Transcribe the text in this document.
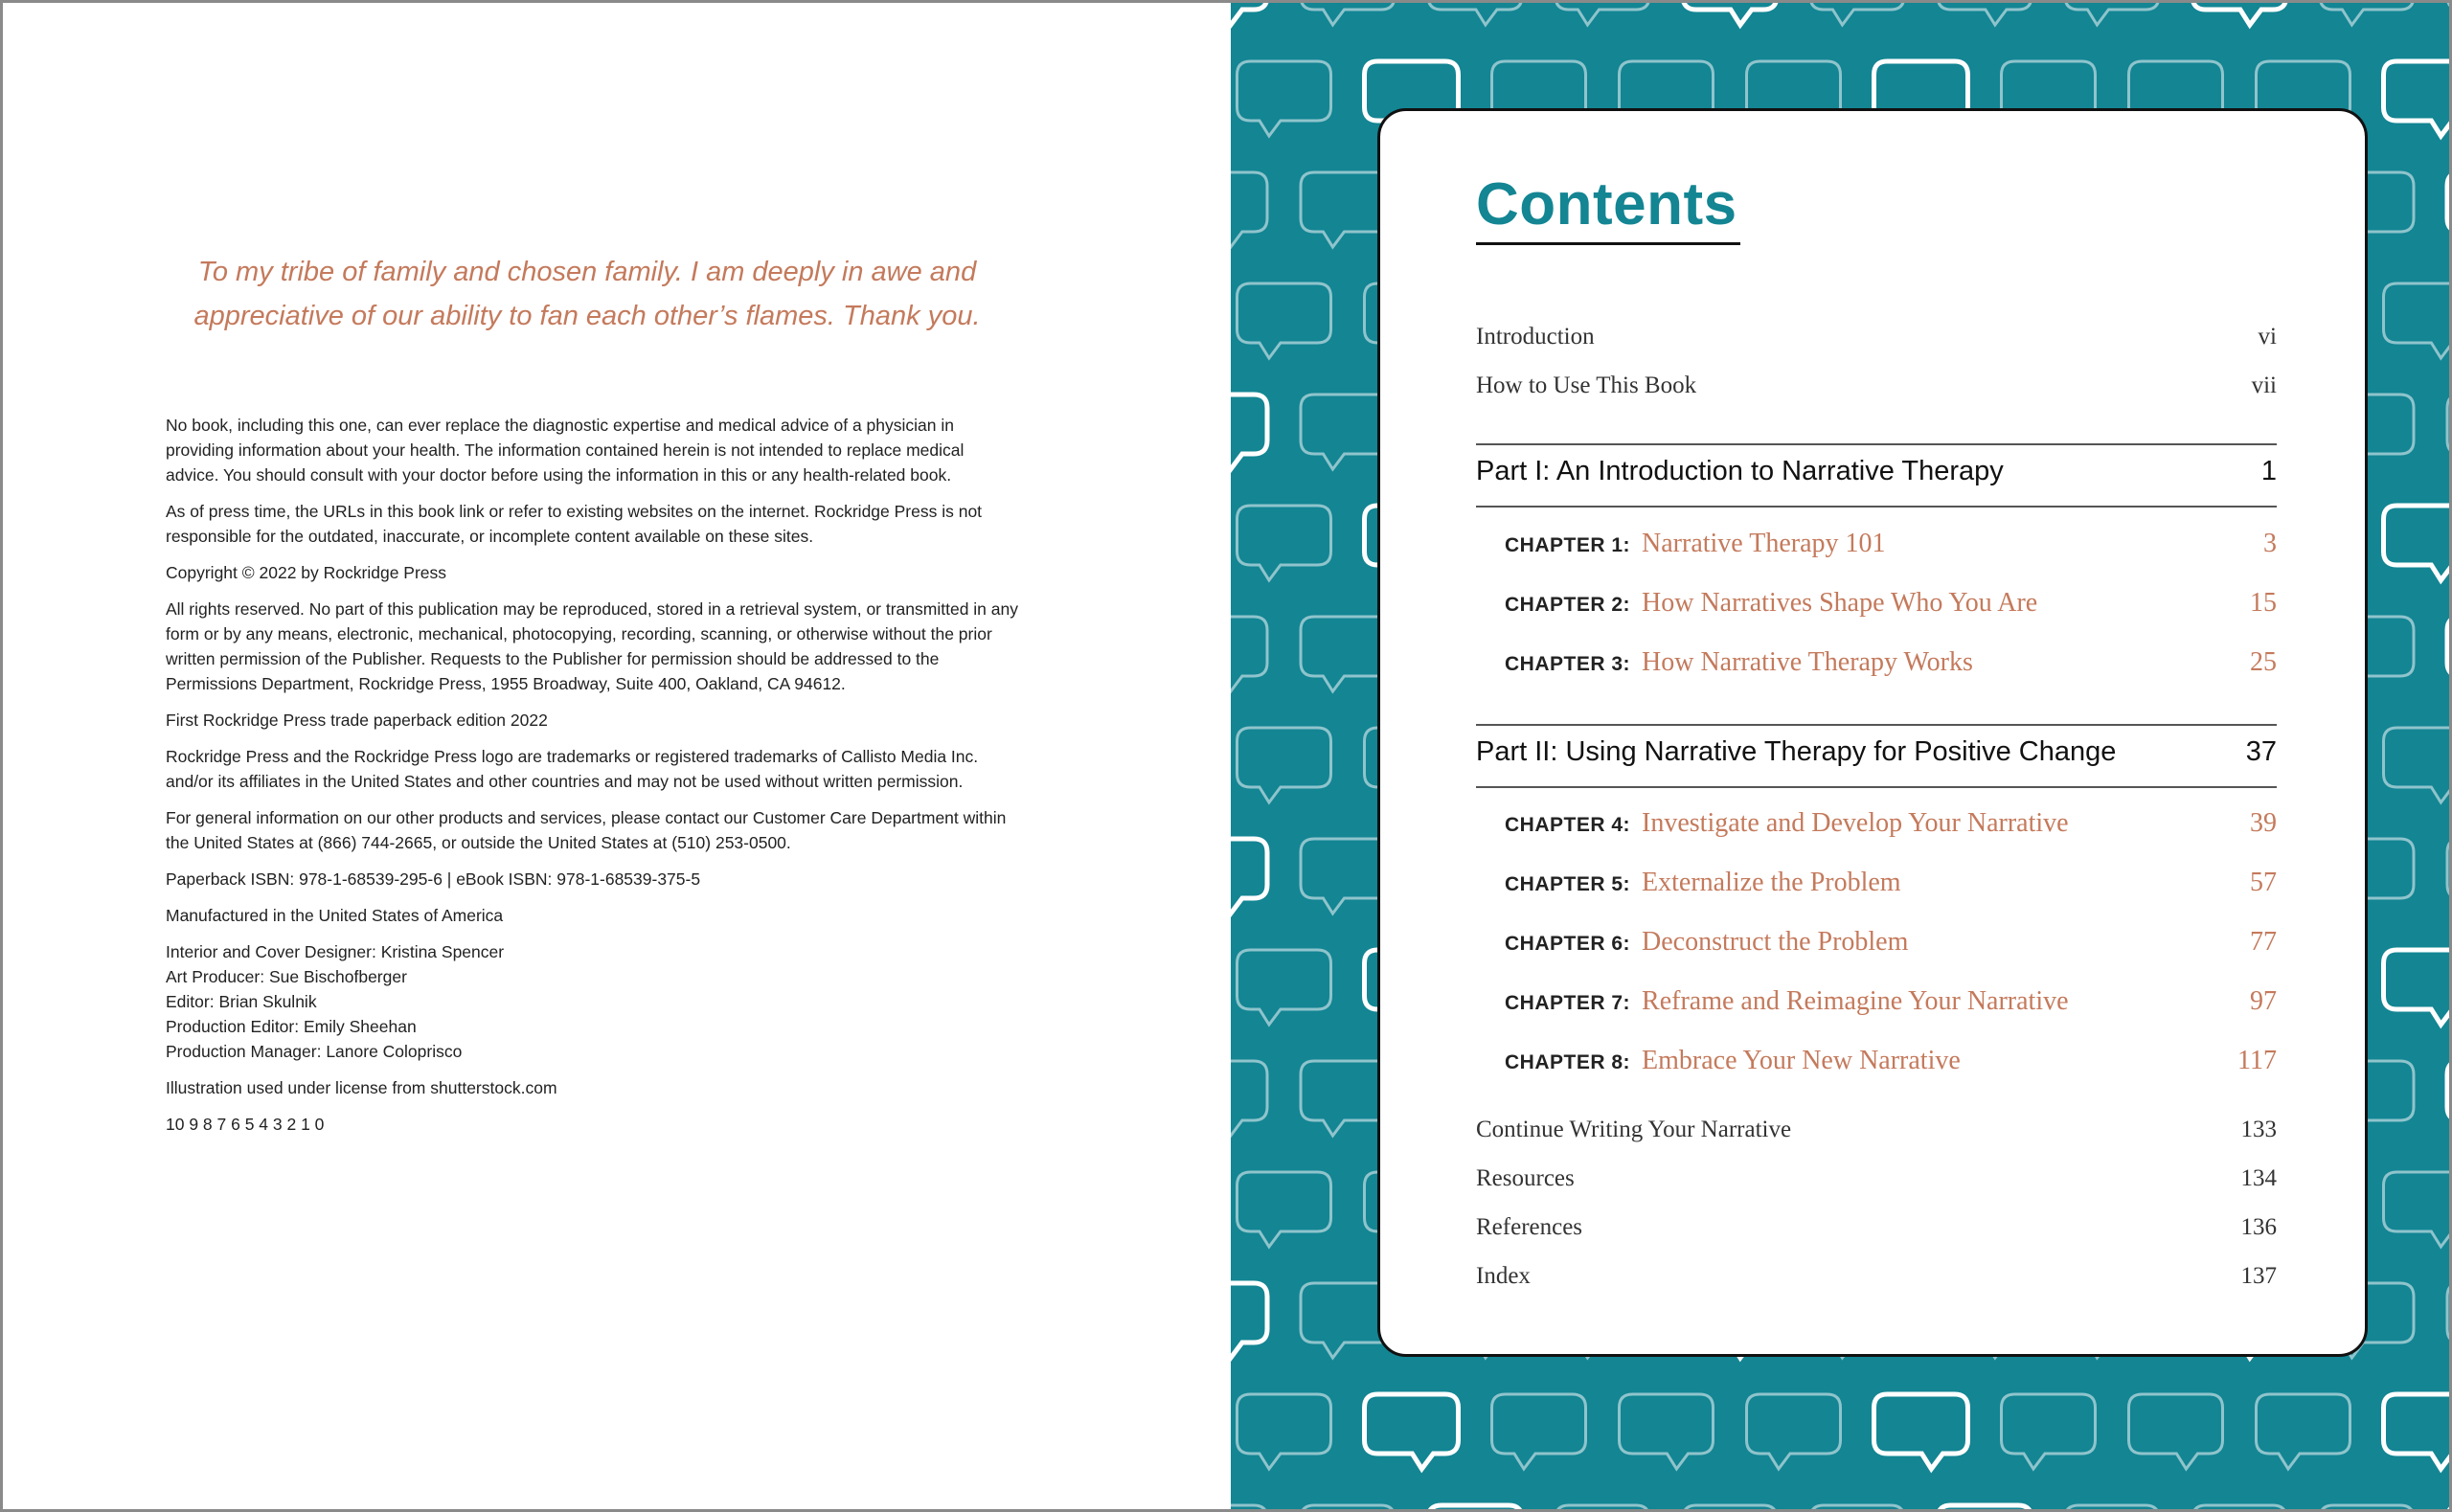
To my tribe of family and chosen family. I am deeply in awe and appreciative of our ability to fan each other’s flames. Thank you.

No book, including this one, can ever replace the diagnostic expertise and medical advice of a physician in providing information about your health. The information contained herein is not intended to replace medical advice. You should consult with your doctor before using the information in this or any health-related book.

As of press time, the URLs in this book link or refer to existing websites on the internet. Rockridge Press is not responsible for the outdated, inaccurate, or incomplete content available on these sites.

Copyright © 2022 by Rockridge Press

All rights reserved. No part of this publication may be reproduced, stored in a retrieval system, or transmitted in any form or by any means, electronic, mechanical, photocopying, recording, scanning, or otherwise without the prior written permission of the Publisher. Requests to the Publisher for permission should be addressed to the Permissions Department, Rockridge Press, 1955 Broadway, Suite 400, Oakland, CA 94612.

First Rockridge Press trade paperback edition 2022

Rockridge Press and the Rockridge Press logo are trademarks or registered trademarks of Callisto Media Inc. and/or its affiliates in the United States and other countries and may not be used without written permission.

For general information on our other products and services, please contact our Customer Care Department within the United States at (866) 744-2665, or outside the United States at (510) 253-0500.

Paperback ISBN: 978-1-68539-295-6 | eBook ISBN: 978-1-68539-375-5

Manufactured in the United States of America

Interior and Cover Designer: Kristina Spencer
Art Producer: Sue Bischofberger
Editor: Brian Skulnik
Production Editor: Emily Sheehan
Production Manager: Lanore Coloprisco

Illustration used under license from shutterstock.com

10 9 8 7 6 5 4 3 2 1 0

Contents
Introduction	vi
How to Use This Book	vii
Part I: An Introduction to Narrative Therapy	1
CHAPTER 1: Narrative Therapy 101	3
CHAPTER 2: How Narratives Shape Who You Are	15
CHAPTER 3: How Narrative Therapy Works	25
Part II: Using Narrative Therapy for Positive Change	37
CHAPTER 4: Investigate and Develop Your Narrative	39
CHAPTER 5: Externalize the Problem	57
CHAPTER 6: Deconstruct the Problem	77
CHAPTER 7: Reframe and Reimagine Your Narrative	97
CHAPTER 8: Embrace Your New Narrative	117
Continue Writing Your Narrative	133
Resources	134
References	136
Index	137
